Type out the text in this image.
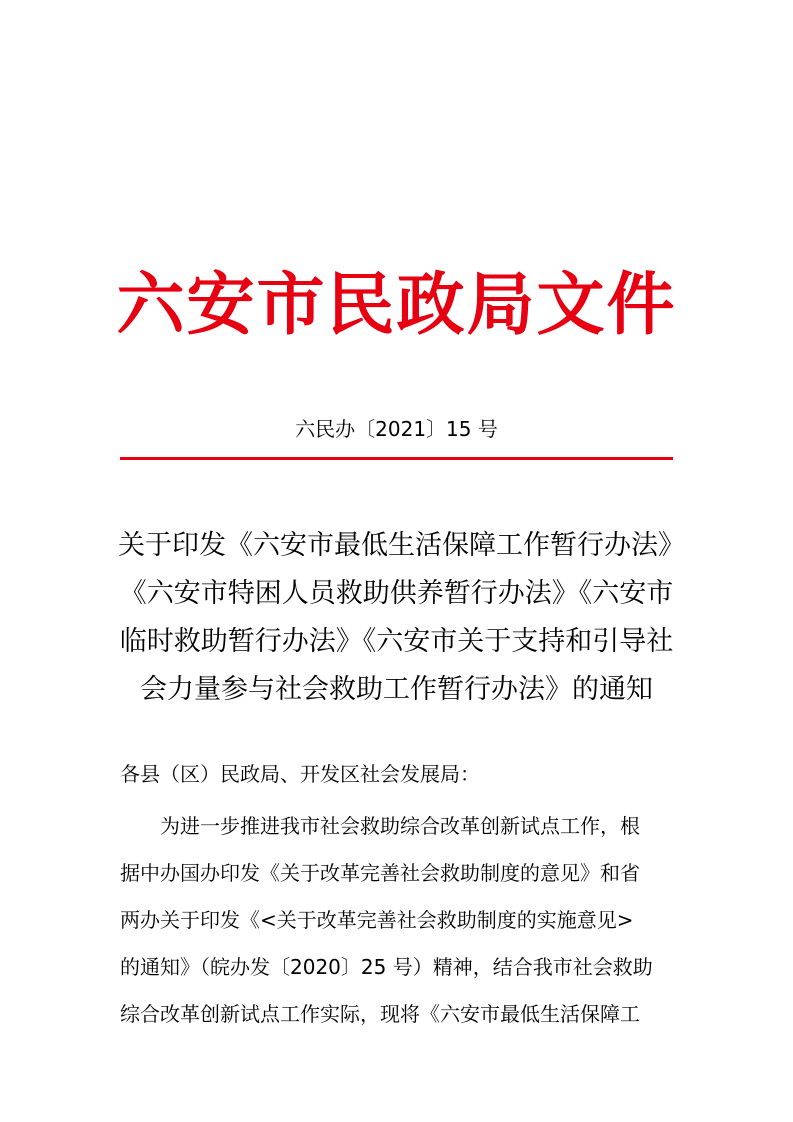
六安市民政局文件
六民办〔2021〕15 号
关于印发《六安市最低生活保障工作暂行办法》
《六安市特困人员救助供养暂行办法》《六安市
临时救助暂行办法》《六安市关于支持和引导社
会力量参与社会救助工作暂行办法》的通知
各县（区）民政局、开发区社会发展局：
为进一步推进我市社会救助综合改革创新试点工作，根
据中办国办印发《关于改革完善社会救助制度的意见》和省
两办关于印发《<关于改革完善社会救助制度的实施意见>
的通知》（皖办发〔2020〕25 号）精神，结合我市社会救助
综合改革创新试点工作实际，现将《六安市最低生活保障工
